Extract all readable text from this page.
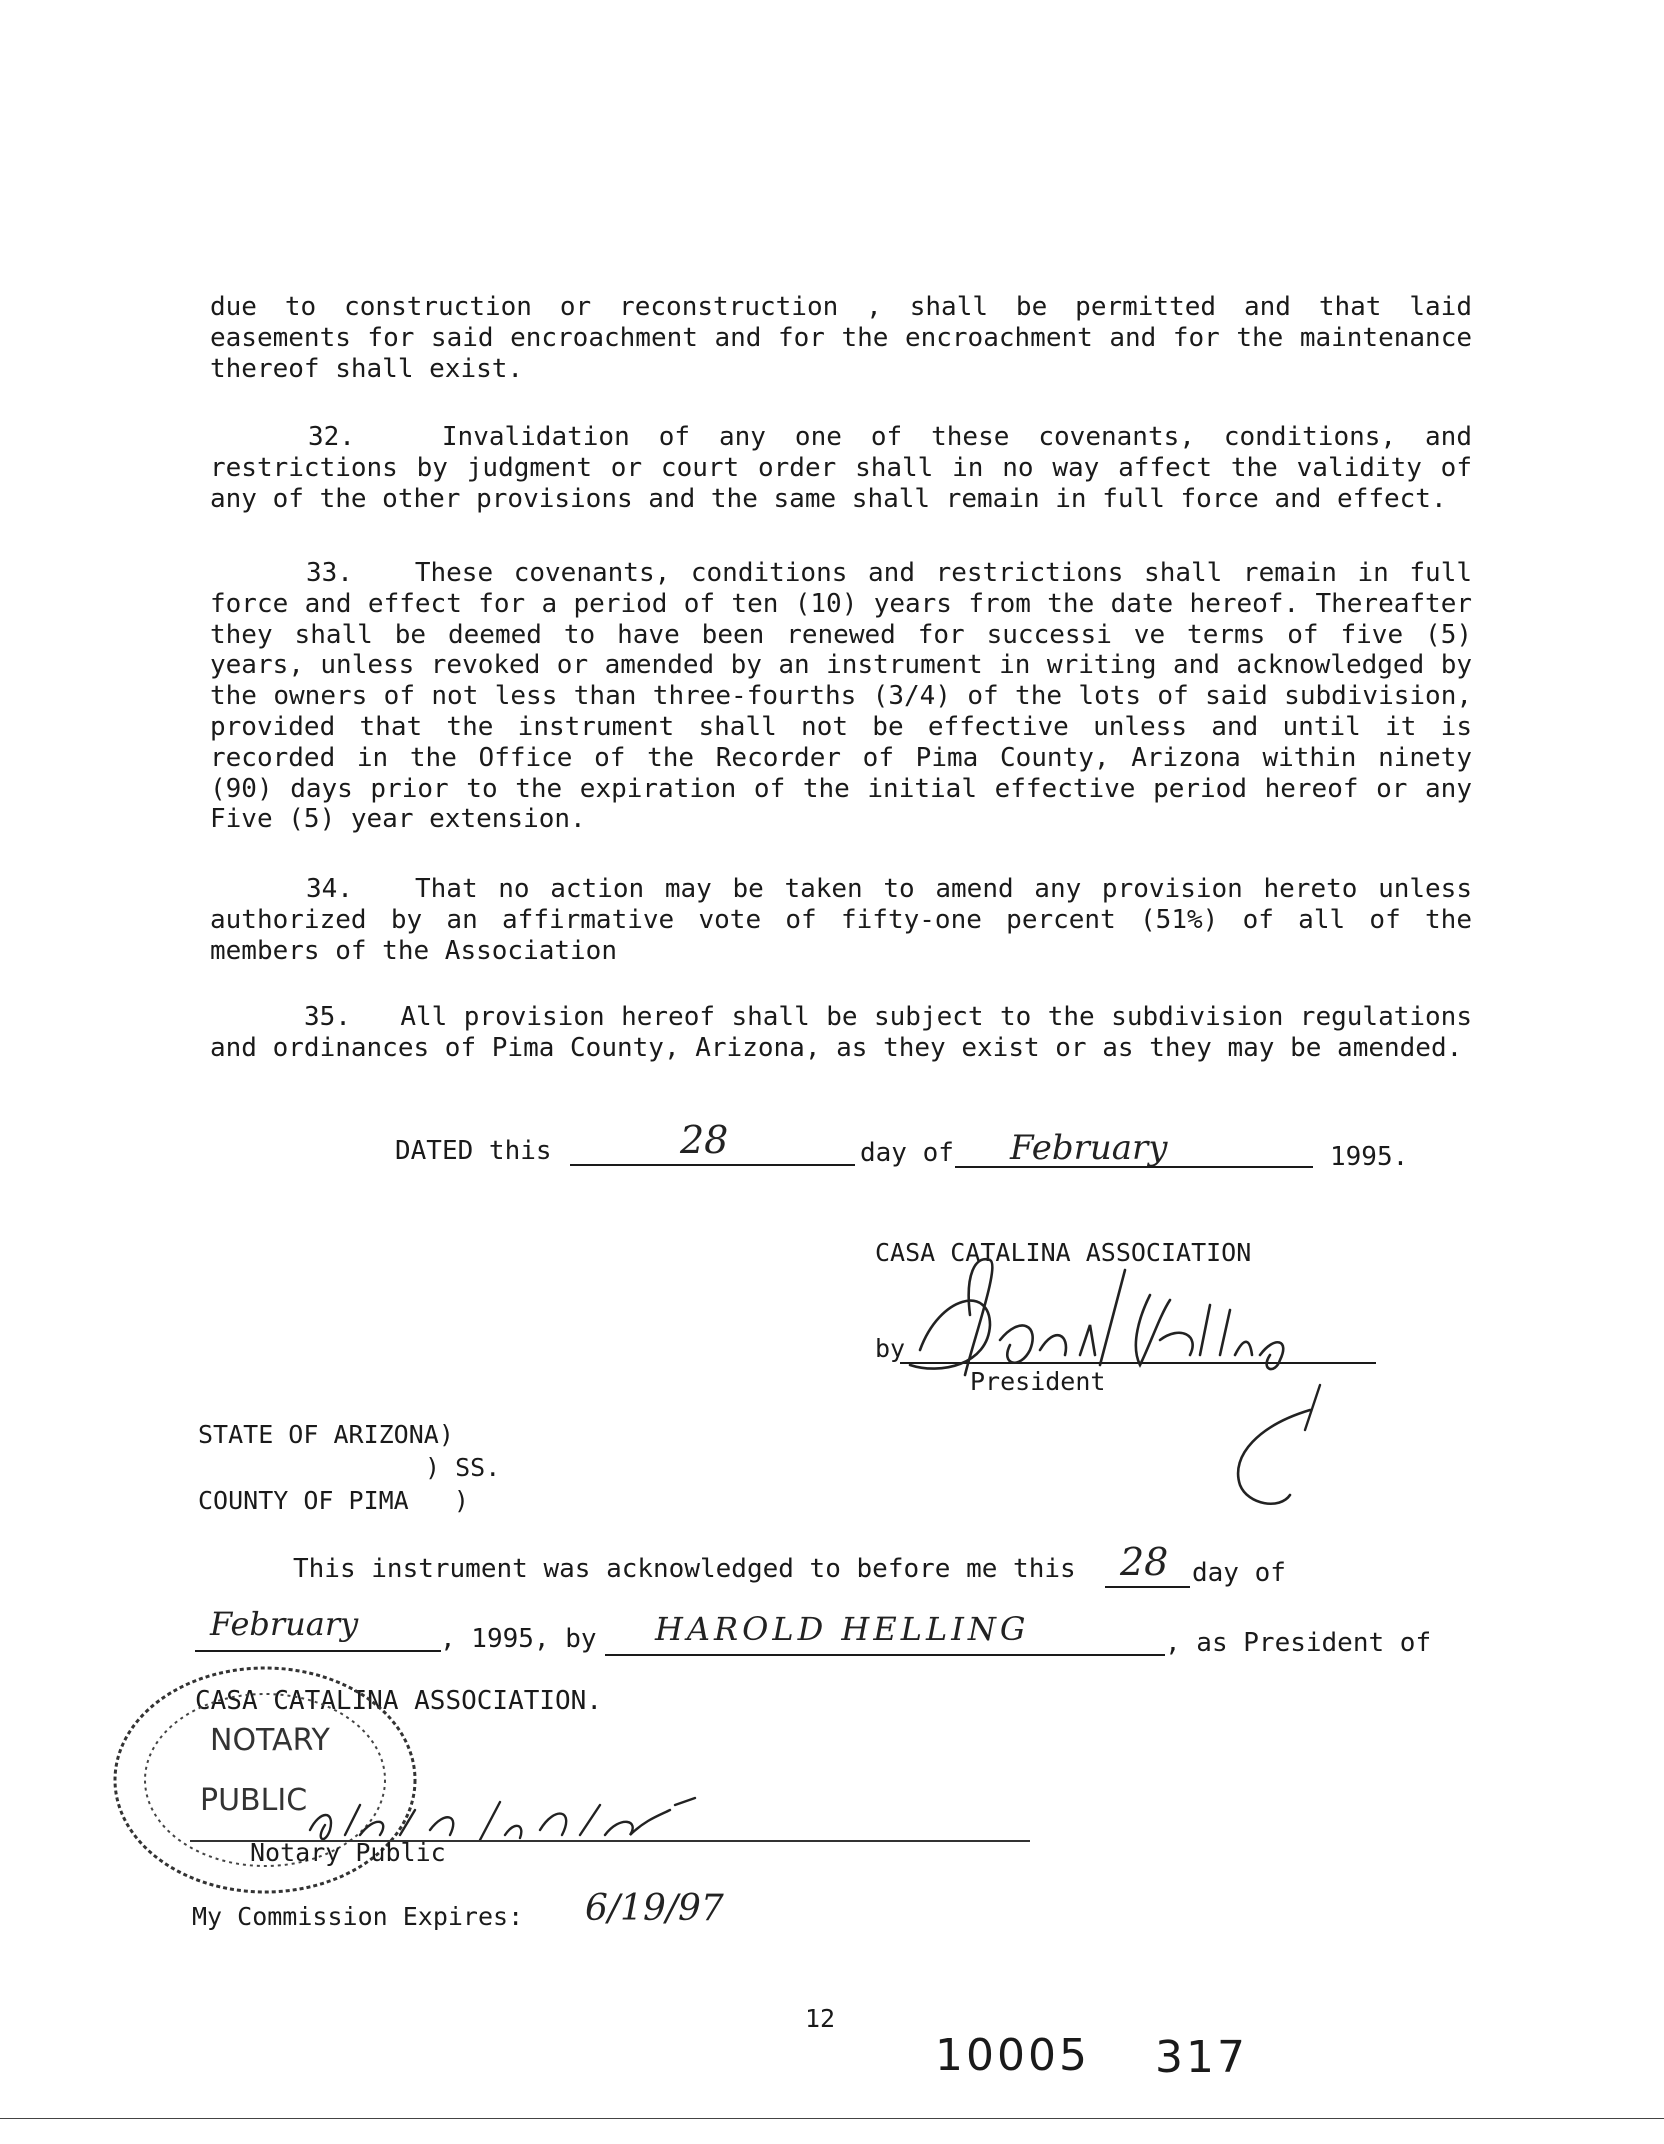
due to construction or reconstruction , shall be permitted and that laid easements for said encroachment and for the encroachment and for the maintenance thereof shall exist.

32.	Invalidation of any one of these covenants, conditions, and restrictions by judgment or court order shall in no way affect the validity of any of the other provisions and the same shall remain in full force and effect.

33. These covenants, conditions and restrictions shall remain in full force and effect for a period of ten (10) years from the date hereof. Thereafter they shall be deemed to have been renewed for successi ve terms of five (5) years, unless revoked or amended by an instrument in writing and acknowledged by the owners of not less than three-fourths (3/4) of the lots of said subdivision, provided that the instrument shall not be effective unless and until it is recorded in the Office of the Recorder of Pima County, Arizona within ninety (90) days prior to the expiration of the initial effective period hereof or any Five (5) year extension.

34. That no action may be taken to amend any provision hereto unless authorized by an affirmative vote of fifty-one percent (51%) of all of the members of the Association

35. All provision hereof shall be subject to the subdivision regulations and ordinances of Pima County, Arizona, as they exist or as they may be amended.

DATED this	28	day of February	1995.
CASA CATALINA ASSOCIATION
by
President
STATE OF ARIZONA)
) SS.
COUNTY OF PIMA   )
This instrument was acknowledged to before me this 28 day of
February	, 1995, by HAROLD HELLING	, as President of
CASA CATALINA ASSOCIATION.
NOTARY
PUBLIC
Notary Public
My Commission Expires: 6/19/97
12
10005 317
